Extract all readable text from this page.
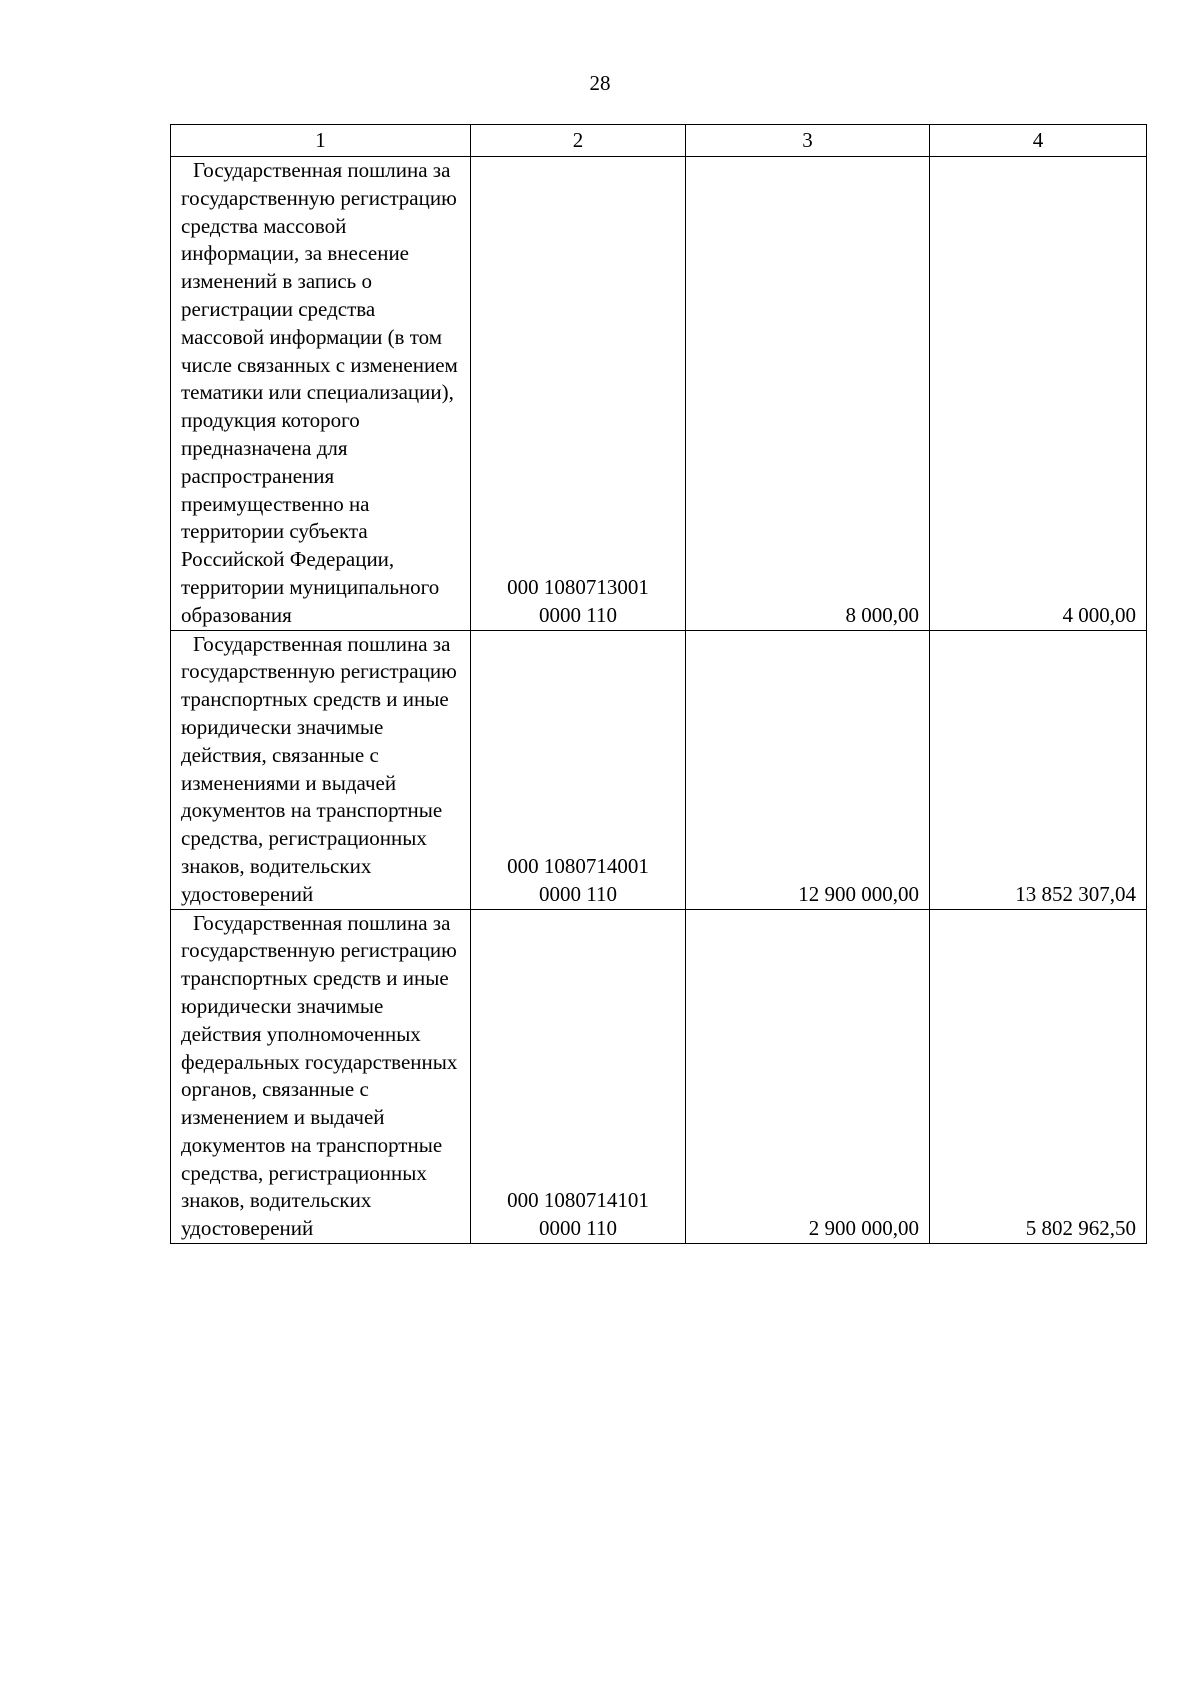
28
1	2	3	4

Государственная пошлина за государственную регистрацию средства массовой информации, за внесение изменений в запись о регистрации средства массовой информации (в том числе связанных с изменением тематики или специализации), продукция которого предназначена для распространения преимущественно на территории субъекта Российской Федерации, территории муниципального образования	000 1080713001
0000 110	8 000,00	4 000,00

Государственная пошлина за государственную регистрацию транспортных средств и иные юридически значимые действия, связанные с изменениями и выдачей документов на транспортные средства, регистрационных знаков, водительских удостоверений	000 1080714001
0000 110	12 900 000,00	13 852 307,04

Государственная пошлина за государственную регистрацию транспортных средств и иные юридически значимые действия уполномоченных федеральных государственных органов, связанные с изменением и выдачей документов на транспортные средства, регистрационных знаков, водительских удостоверений	000 1080714101
0000 110	2 900 000,00	5 802 962,50
